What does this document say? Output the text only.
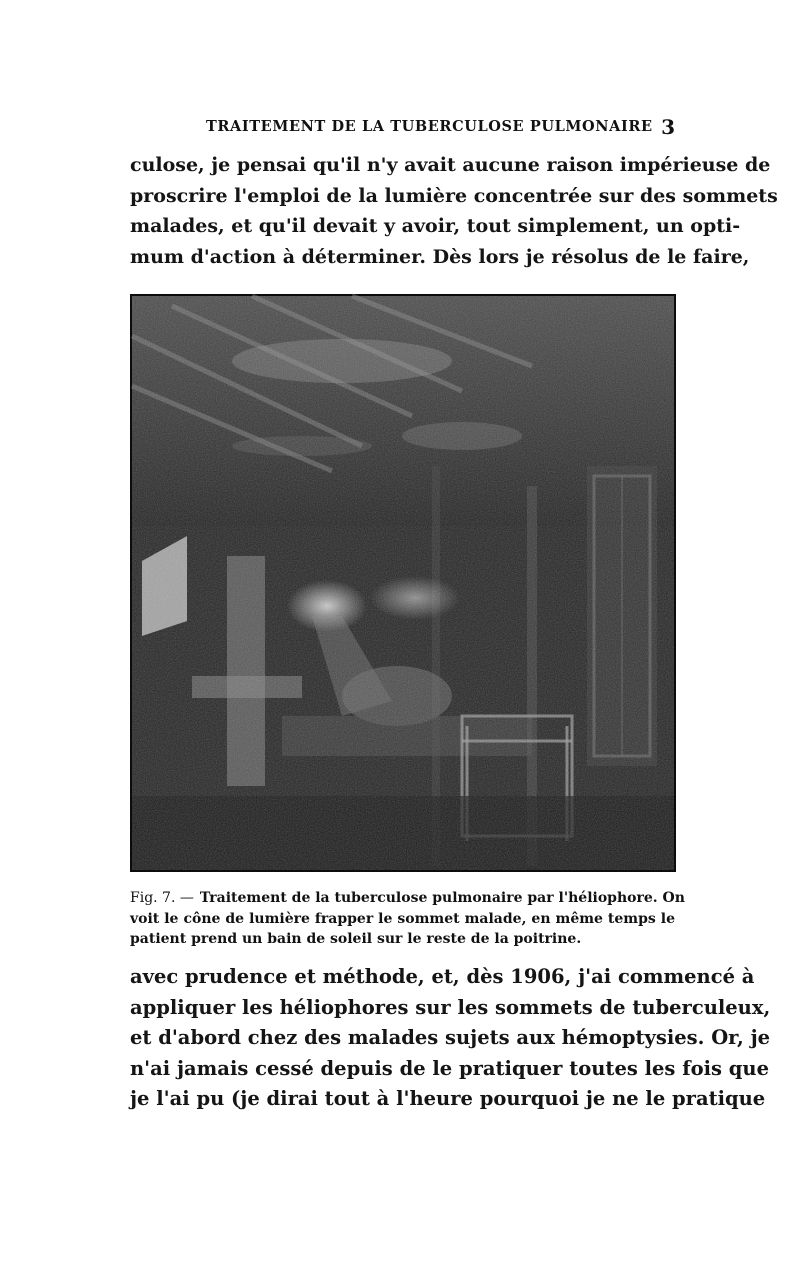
TRAITEMENT DE LA TUBERCULOSE PULMONAIRE 3
culose, je pensai qu'il n'y avait aucune raison impérieuse de
proscrire l'emploi de la lumière concentrée sur des sommets
malades, et qu'il devait y avoir, tout simplement, un opti-
mum d'action à déterminer. Dès lors je résolus de le faire,
Fig. 7. — Traitement de la tuberculose pulmonaire par l'héliophore. On
voit le cône de lumière frapper le sommet malade, en même temps le
patient prend un bain de soleil sur le reste de la poitrine.
avec prudence et méthode, et, dès 1906, j'ai commencé à
appliquer les héliophores sur les sommets de tuberculeux,
et d'abord chez des malades sujets aux hémoptysies. Or, je
n'ai jamais cessé depuis de le pratiquer toutes les fois que
je l'ai pu (je dirai tout à l'heure pourquoi je ne le pratique
